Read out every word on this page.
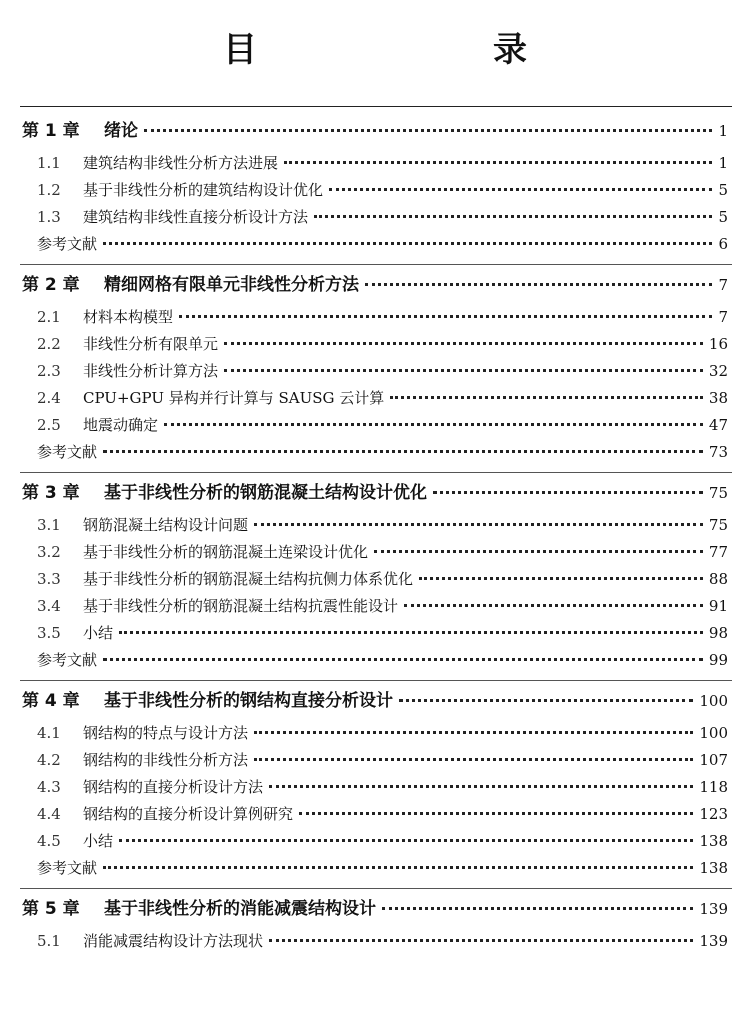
目　　录
第 1 章	绪论	1
1.1	建筑结构非线性分析方法进展	1
1.2	基于非线性分析的建筑结构设计优化	5
1.3	建筑结构非线性直接分析设计方法	5
参考文献	6
第 2 章	精细网格有限单元非线性分析方法	7
2.1	材料本构模型	7
2.2	非线性分析有限单元	16
2.3	非线性分析计算方法	32
2.4	CPU+GPU 异构并行计算与 SAUSG 云计算	38
2.5	地震动确定	47
参考文献	73
第 3 章	基于非线性分析的钢筋混凝土结构设计优化	75
3.1	钢筋混凝土结构设计问题	75
3.2	基于非线性分析的钢筋混凝土连梁设计优化	77
3.3	基于非线性分析的钢筋混凝土结构抗侧力体系优化	88
3.4	基于非线性分析的钢筋混凝土结构抗震性能设计	91
3.5	小结	98
参考文献	99
第 4 章	基于非线性分析的钢结构直接分析设计	100
4.1	钢结构的特点与设计方法	100
4.2	钢结构的非线性分析方法	107
4.3	钢结构的直接分析设计方法	118
4.4	钢结构的直接分析设计算例研究	123
4.5	小结	138
参考文献	138
第 5 章	基于非线性分析的消能减震结构设计	139
5.1	消能减震结构设计方法现状	139
